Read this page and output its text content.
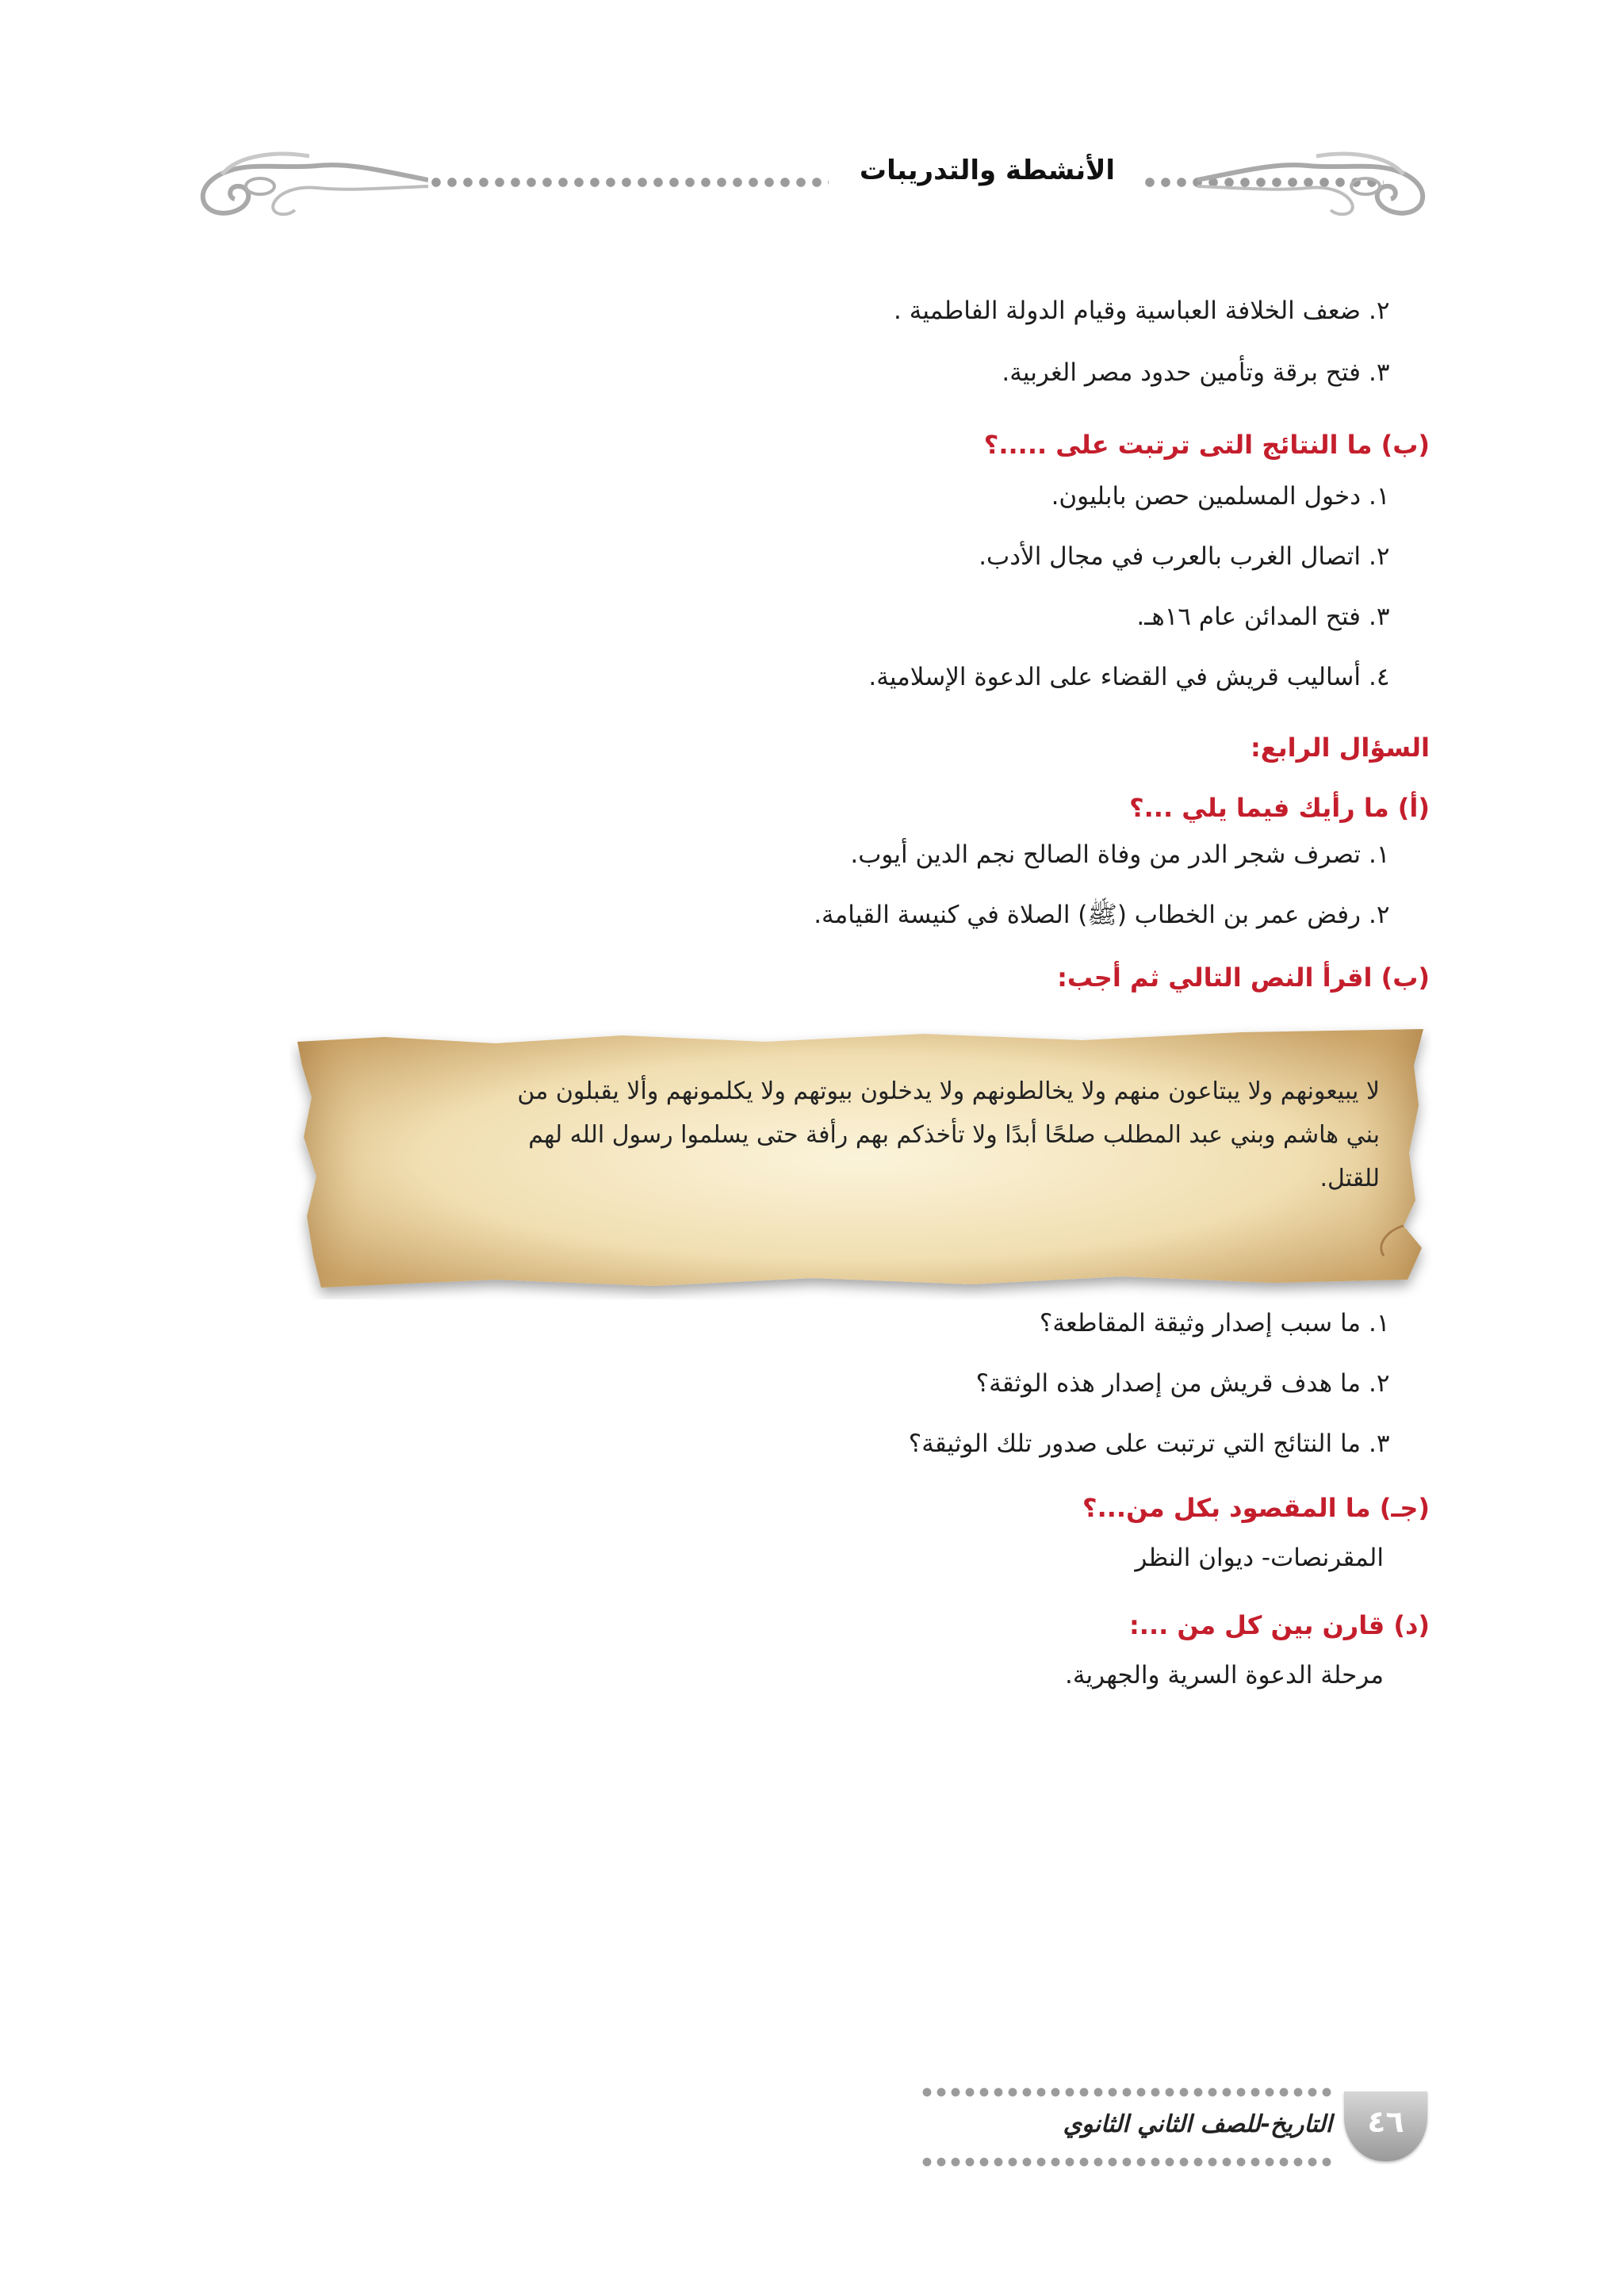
الأنشطة والتدريبات

٢.
ضعف الخلافة العباسية وقيام الدولة الفاطمية .

٣.
فتح برقة وتأمين حدود مصر الغربية.

(ب) ما النتائج التى ترتبت على .....؟

١.
دخول المسلمين حصن بابليون.

٢.
اتصال الغرب بالعرب في مجال الأدب.

٣.
فتح المدائن عام ١٦هـ.

٤.
أساليب قريش في القضاء على الدعوة الإسلامية.

السؤال الرابع:

(أ) ما رأيك فيما يلي ...؟

١.
تصرف شجر الدر من وفاة الصالح نجم الدين أيوب.

٢.
رفض عمر بن الخطاب (ﷺ) الصلاة في كنيسة القيامة.

(ب) اقرأ النص التالي ثم أجب:

لا يبيعونهم ولا يبتاعون منهم ولا يخالطونهم ولا يدخلون بيوتهم ولا يكلمونهم وألا يقبلون من
بني هاشم وبني عبد المطلب صلحًا أبدًا ولا تأخذكم بهم رأفة حتى يسلموا رسول الله لهم
للقتل.

١.
ما سبب إصدار وثيقة المقاطعة؟

٢.
ما هدف قريش من إصدار هذه الوثقة؟

٣.
ما النتائج التي ترتبت على صدور تلك الوثيقة؟

(جـ) ما المقصود بكل من...؟

المقرنصات- ديوان النظر

(د) قارن بين كل من ...:

مرحلة الدعوة السرية والجهرية.

التاريخ-للصف الثاني الثانوي	٤٦
